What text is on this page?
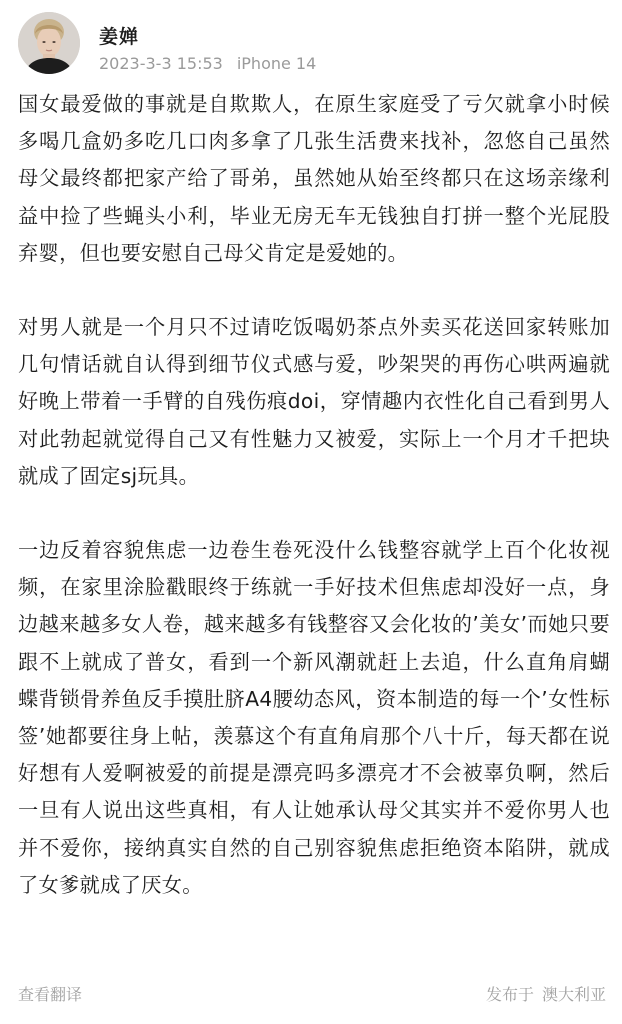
姜婵
2023-3-3 15:53 iPhone 14

国女最爱做的事就是自欺欺人，在原生家庭受了亏欠就拿小时候多喝几盒奶多吃几口肉多拿了几张生活费来找补，忽悠自己虽然母父最终都把家产给了哥弟，虽然她从始至终都只在这场亲缘利益中捡了些蝇头小利，毕业无房无车无钱独自打拼一整个光屁股弃婴，但也要安慰自己母父肯定是爱她的。

对男人就是一个月只不过请吃饭喝奶茶点外卖买花送回家转账加几句情话就自认得到细节仪式感与爱，吵架哭的再伤心哄两遍就好晚上带着一手臂的自残伤痕doi，穿情趣内衣性化自己看到男人对此勃起就觉得自己又有性魅力又被爱，实际上一个月才千把块就成了固定sj玩具。

一边反着容貌焦虑一边卷生卷死没什么钱整容就学上百个化妆视频，在家里涂脸戳眼终于练就一手好技术但焦虑却没好一点，身边越来越多女人卷，越来越多有钱整容又会化妆的’美女’而她只要跟不上就成了普女，看到一个新风潮就赶上去追，什么直角肩蝴蝶背锁骨养鱼反手摸肚脐A4腰幼态风，资本制造的每一个’女性标签’她都要往身上帖，羡慕这个有直角肩那个八十斤，每天都在说好想有人爱啊被爱的前提是漂亮吗多漂亮才不会被辜负啊，然后一旦有人说出这些真相，有人让她承认母父其实并不爱你男人也并不爱你，接纳真实自然的自己别容貌焦虑拒绝资本陷阱，就成了女爹就成了厌女。

查看翻译	发布于 澳大利亚
